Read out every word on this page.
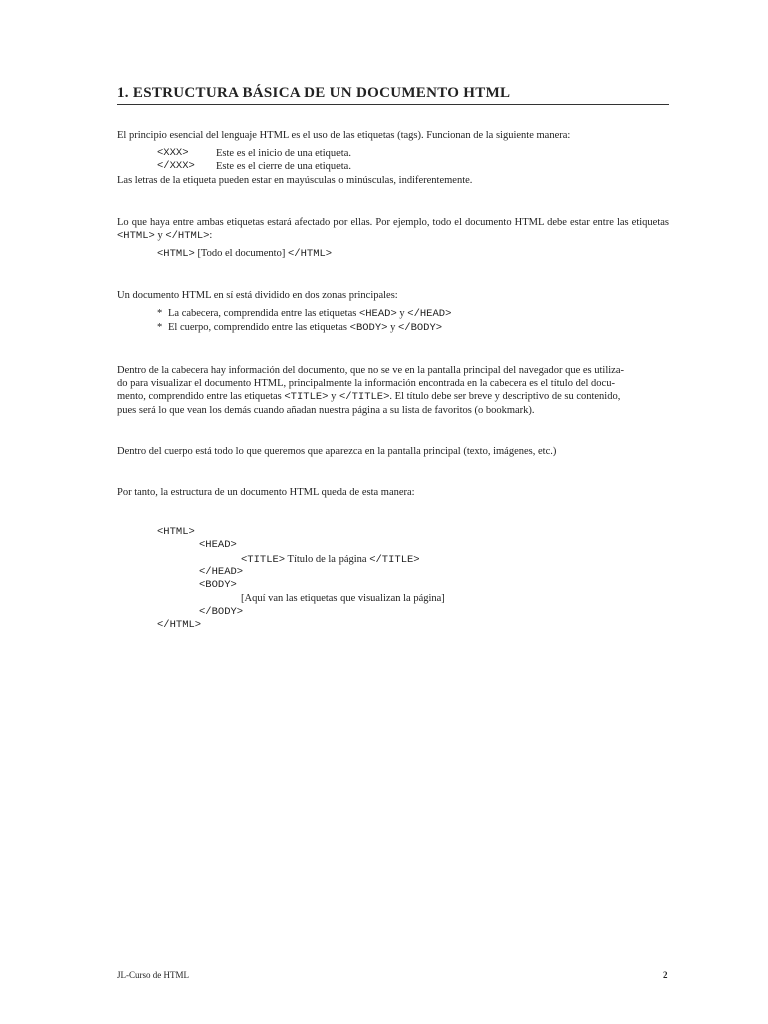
1. ESTRUCTURA BÁSICA DE UN DOCUMENTO HTML

El principio esencial del lenguaje HTML es el uso de las etiquetas (tags). Funcionan de la siguiente manera:

<XXX>	Este es el inicio de una etiqueta.
</XXX>	Este es el cierre de una etiqueta.

Las letras de la etiqueta pueden estar en mayúsculas o minúsculas, indiferentemente.

Lo que haya entre ambas etiquetas estará afectado por ellas. Por ejemplo, todo el documento HTML debe estar entre las etiquetas <HTML> y </HTML>:

<HTML> [Todo el documento] </HTML>

Un documento HTML en sí está dividido en dos zonas principales:

* La cabecera, comprendida entre las etiquetas <HEAD> y </HEAD>
* El cuerpo, comprendido entre las etiquetas <BODY> y </BODY>
Dentro de la cabecera hay información del documento, que no se ve en la pantalla principal del navegador que es utiliza-
do para visualizar el documento HTML, principalmente la información encontrada en la cabecera es el título del docu-
mento, comprendido entre las etiquetas <TITLE> y </TITLE>. El título debe ser breve y descriptivo de su contenido,
pues será lo que vean los demás cuando añadan nuestra página a su lista de favoritos (o bookmark).

Dentro del cuerpo está todo lo que queremos que aparezca en la pantalla principal (texto, imágenes, etc.)

Por tanto, la estructura de un documento HTML queda de esta manera:

<HTML>
<HEAD>
<TITLE> Título de la página </TITLE>
</HEAD>
<BODY>
[Aquí van las etiquetas que visualizan la página]
</BODY>
</HTML>
JL-Curso de HTML	2
